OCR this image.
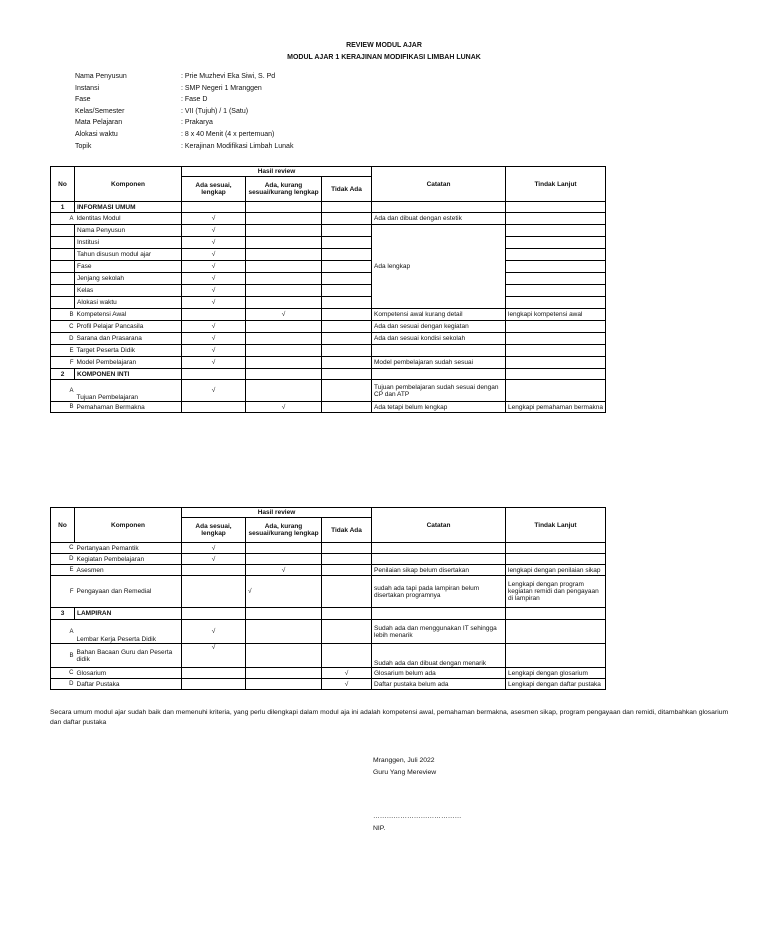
REVIEW MODUL AJAR
MODUL AJAR 1 KERAJINAN MODIFIKASI LIMBAH LUNAK
Nama Penyusun	: Prie Muzhevi Eka Siwi, S. Pd
Instansi	: SMP Negeri 1 Mranggen
Fase	: Fase D
Kelas/Semester	: VII (Tujuh) / 1 (Satu)
Mata Pelajaran	: Prakarya
Alokasi waktu	: 8 x 40 Menit (4 x pertemuan)
Topik	: Kerajinan Modifikasi Limbah Lunak
No	Komponen	Hasil review			Catatan	Tindak Lanjut
		Ada sesuai, lengkap	Ada, kurang sesuai/kurang lengkap	Tidak Ada		
1	INFORMASI UMUM					
A	Identitas Modul	√			Ada dan dibuat dengan estetik	
	Nama Penyusun	√			Ada lengkap	
	Institusi	√				
	Tahun disusun modul ajar	√				
	Fase	√				
	Jenjang sekolah	√				
	Kelas	√				
	Alokasi waktu	√				
B	Kompetensi Awal		√		Kompetensi awal kurang detail	lengkapi kompetensi awal
C	Profil Pelajar Pancasila	√			Ada dan sesuai dengan kegiatan	
D	Sarana dan Prasarana	√			Ada dan sesuai kondisi sekolah	
E	Target Peserta Didik	√				
F	Model Pembelajaran	√			Model pembelajaran sudah sesuai	
2	KOMPONEN INTI					
A	Tujuan Pembelajaran	√			Tujuan pembelajaran sudah sesuai dengan CP dan ATP	
B	Pemahaman Bermakna		√		Ada tetapi belum lengkap	Lengkapi pemahaman bermakna
No	Komponen	Hasil review			Catatan	Tindak Lanjut
		Ada sesuai, lengkap	Ada, kurang sesuai/kurang lengkap	Tidak Ada		
C	Pertanyaan Pemantik	√				
D	Kegiatan Pembelajaran	√				
E	Asesmen		√		Penilaian sikap belum disertakan	lengkapi dengan penilaian sikap
F	Pengayaan dan Remedial		√		sudah ada tapi pada lampiran belum disertakan programnya	Lengkapi dengan program kegiatan remidi dan pengayaan di lampiran
3	LAMPIRAN					
A	Lembar Kerja Peserta Didik	√			Sudah ada dan menggunakan IT sehingga lebih menarik	
B	Bahan Bacaan Guru dan Peserta didik	√			Sudah ada dan dibuat dengan menarik	
C	Glosarium			√	Glosarium belum ada	Lengkapi dengan glosarium
D	Daftar Pustaka			√	Daftar pustaka belum ada	Lengkapi dengan daftar pustaka
Secara umum modul ajar sudah baik dan memenuhi kriteria, yang perlu dilengkapi dalam modul aja ini adalah kompetensi awal, pemahaman bermakna, asesmen sikap, program pengayaan dan remidi, ditambahkan glosarium dan daftar pustaka
Mranggen, Juli 2022
Guru Yang Mereview
…………………………………
NIP.
